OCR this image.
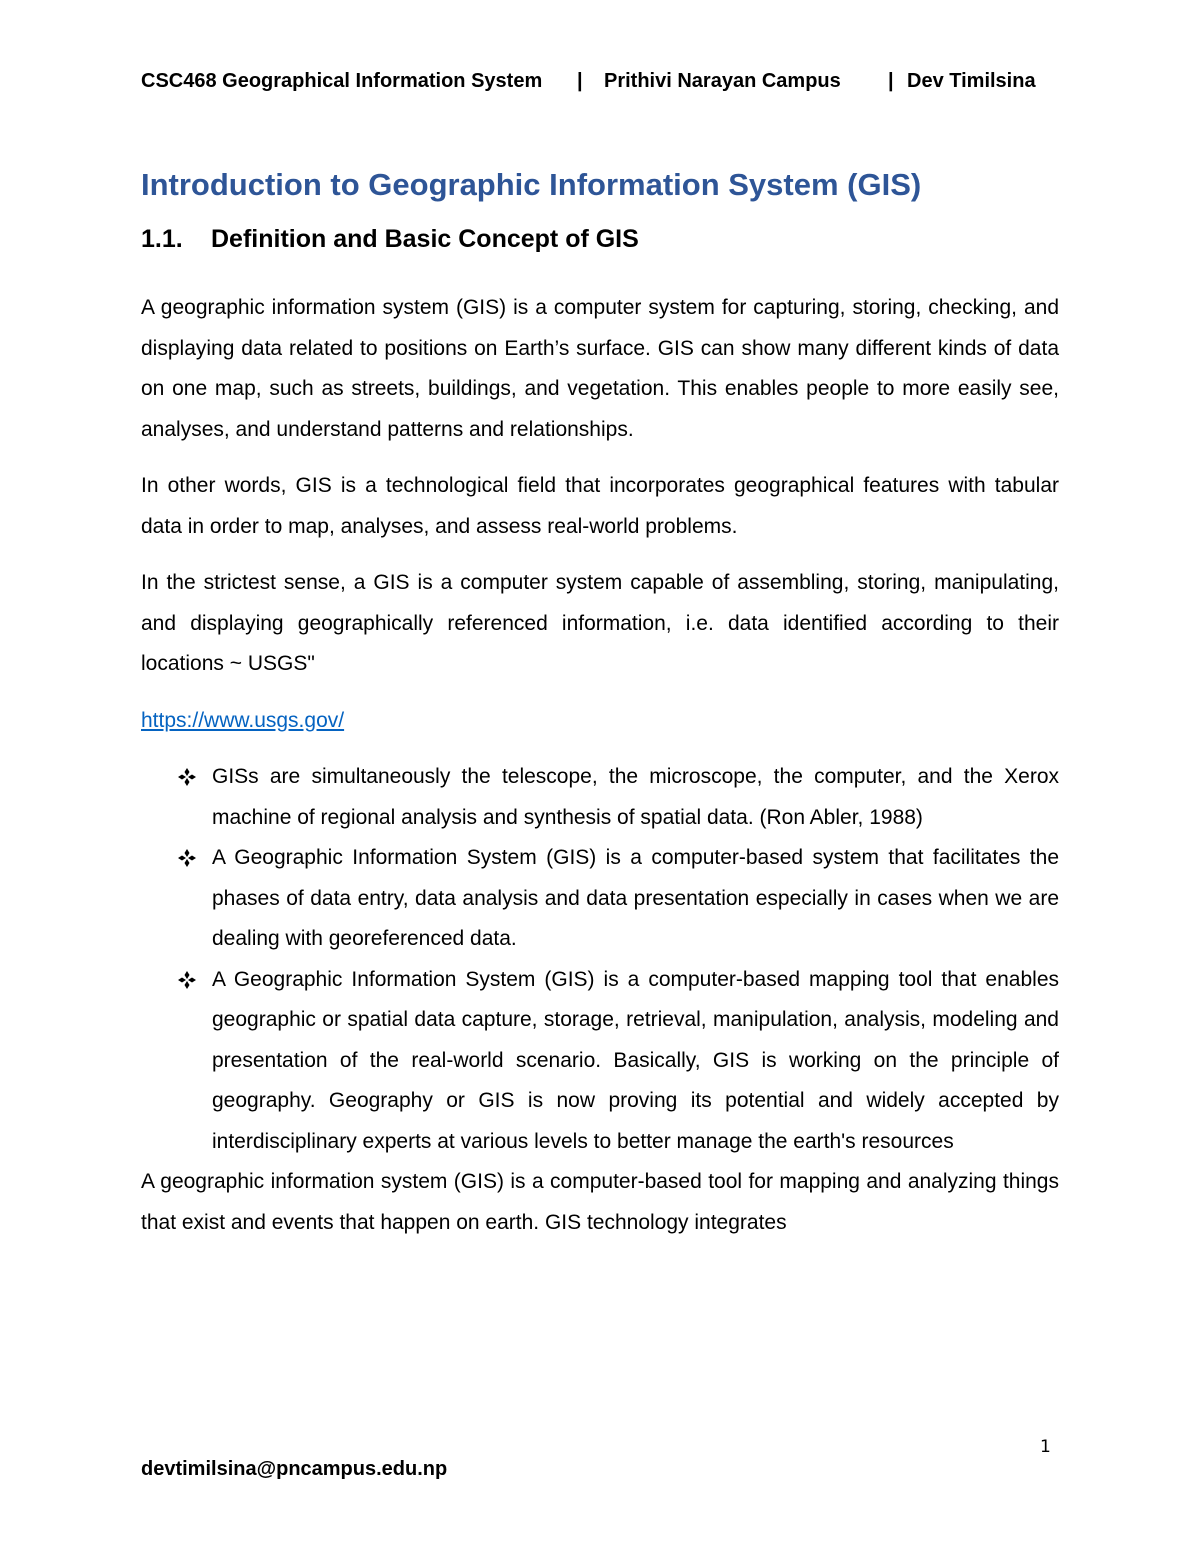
CSC468 Geographical Information System | Prithivi Narayan Campus | Dev Timilsina
Introduction to Geographic Information System (GIS)
1.1. Definition and Basic Concept of GIS

A geographic information system (GIS) is a computer system for capturing, storing, checking, and displaying data related to positions on Earth’s surface. GIS can show many different kinds of data on one map, such as streets, buildings, and vegetation. This enables people to more easily see, analyses, and understand patterns and relationships.

In other words, GIS is a technological field that incorporates geographical features with tabular data in order to map, analyses, and assess real-world problems.

In the strictest sense, a GIS is a computer system capable of assembling, storing, manipulating, and displaying geographically referenced information, i.e. data identified according to their locations ~ USGS"

https://www.usgs.gov/
GISs are simultaneously the telescope, the microscope, the computer, and the Xerox machine of regional analysis and synthesis of spatial data. (Ron Abler, 1988)
A Geographic Information System (GIS) is a computer-based system that facilitates the phases of data entry, data analysis and data presentation especially in cases when we are dealing with georeferenced data.
A Geographic Information System (GIS) is a computer-based mapping tool that enables geographic or spatial data capture, storage, retrieval, manipulation, analysis, modeling and presentation of the real-world scenario. Basically, GIS is working on the principle of geography. Geography or GIS is now proving its potential and widely accepted by interdisciplinary experts at various levels to better manage the earth's resources

A geographic information system (GIS) is a computer-based tool for mapping and analyzing things that exist and events that happen on earth. GIS technology integrates

1
devtimilsina@pncampus.edu.np
